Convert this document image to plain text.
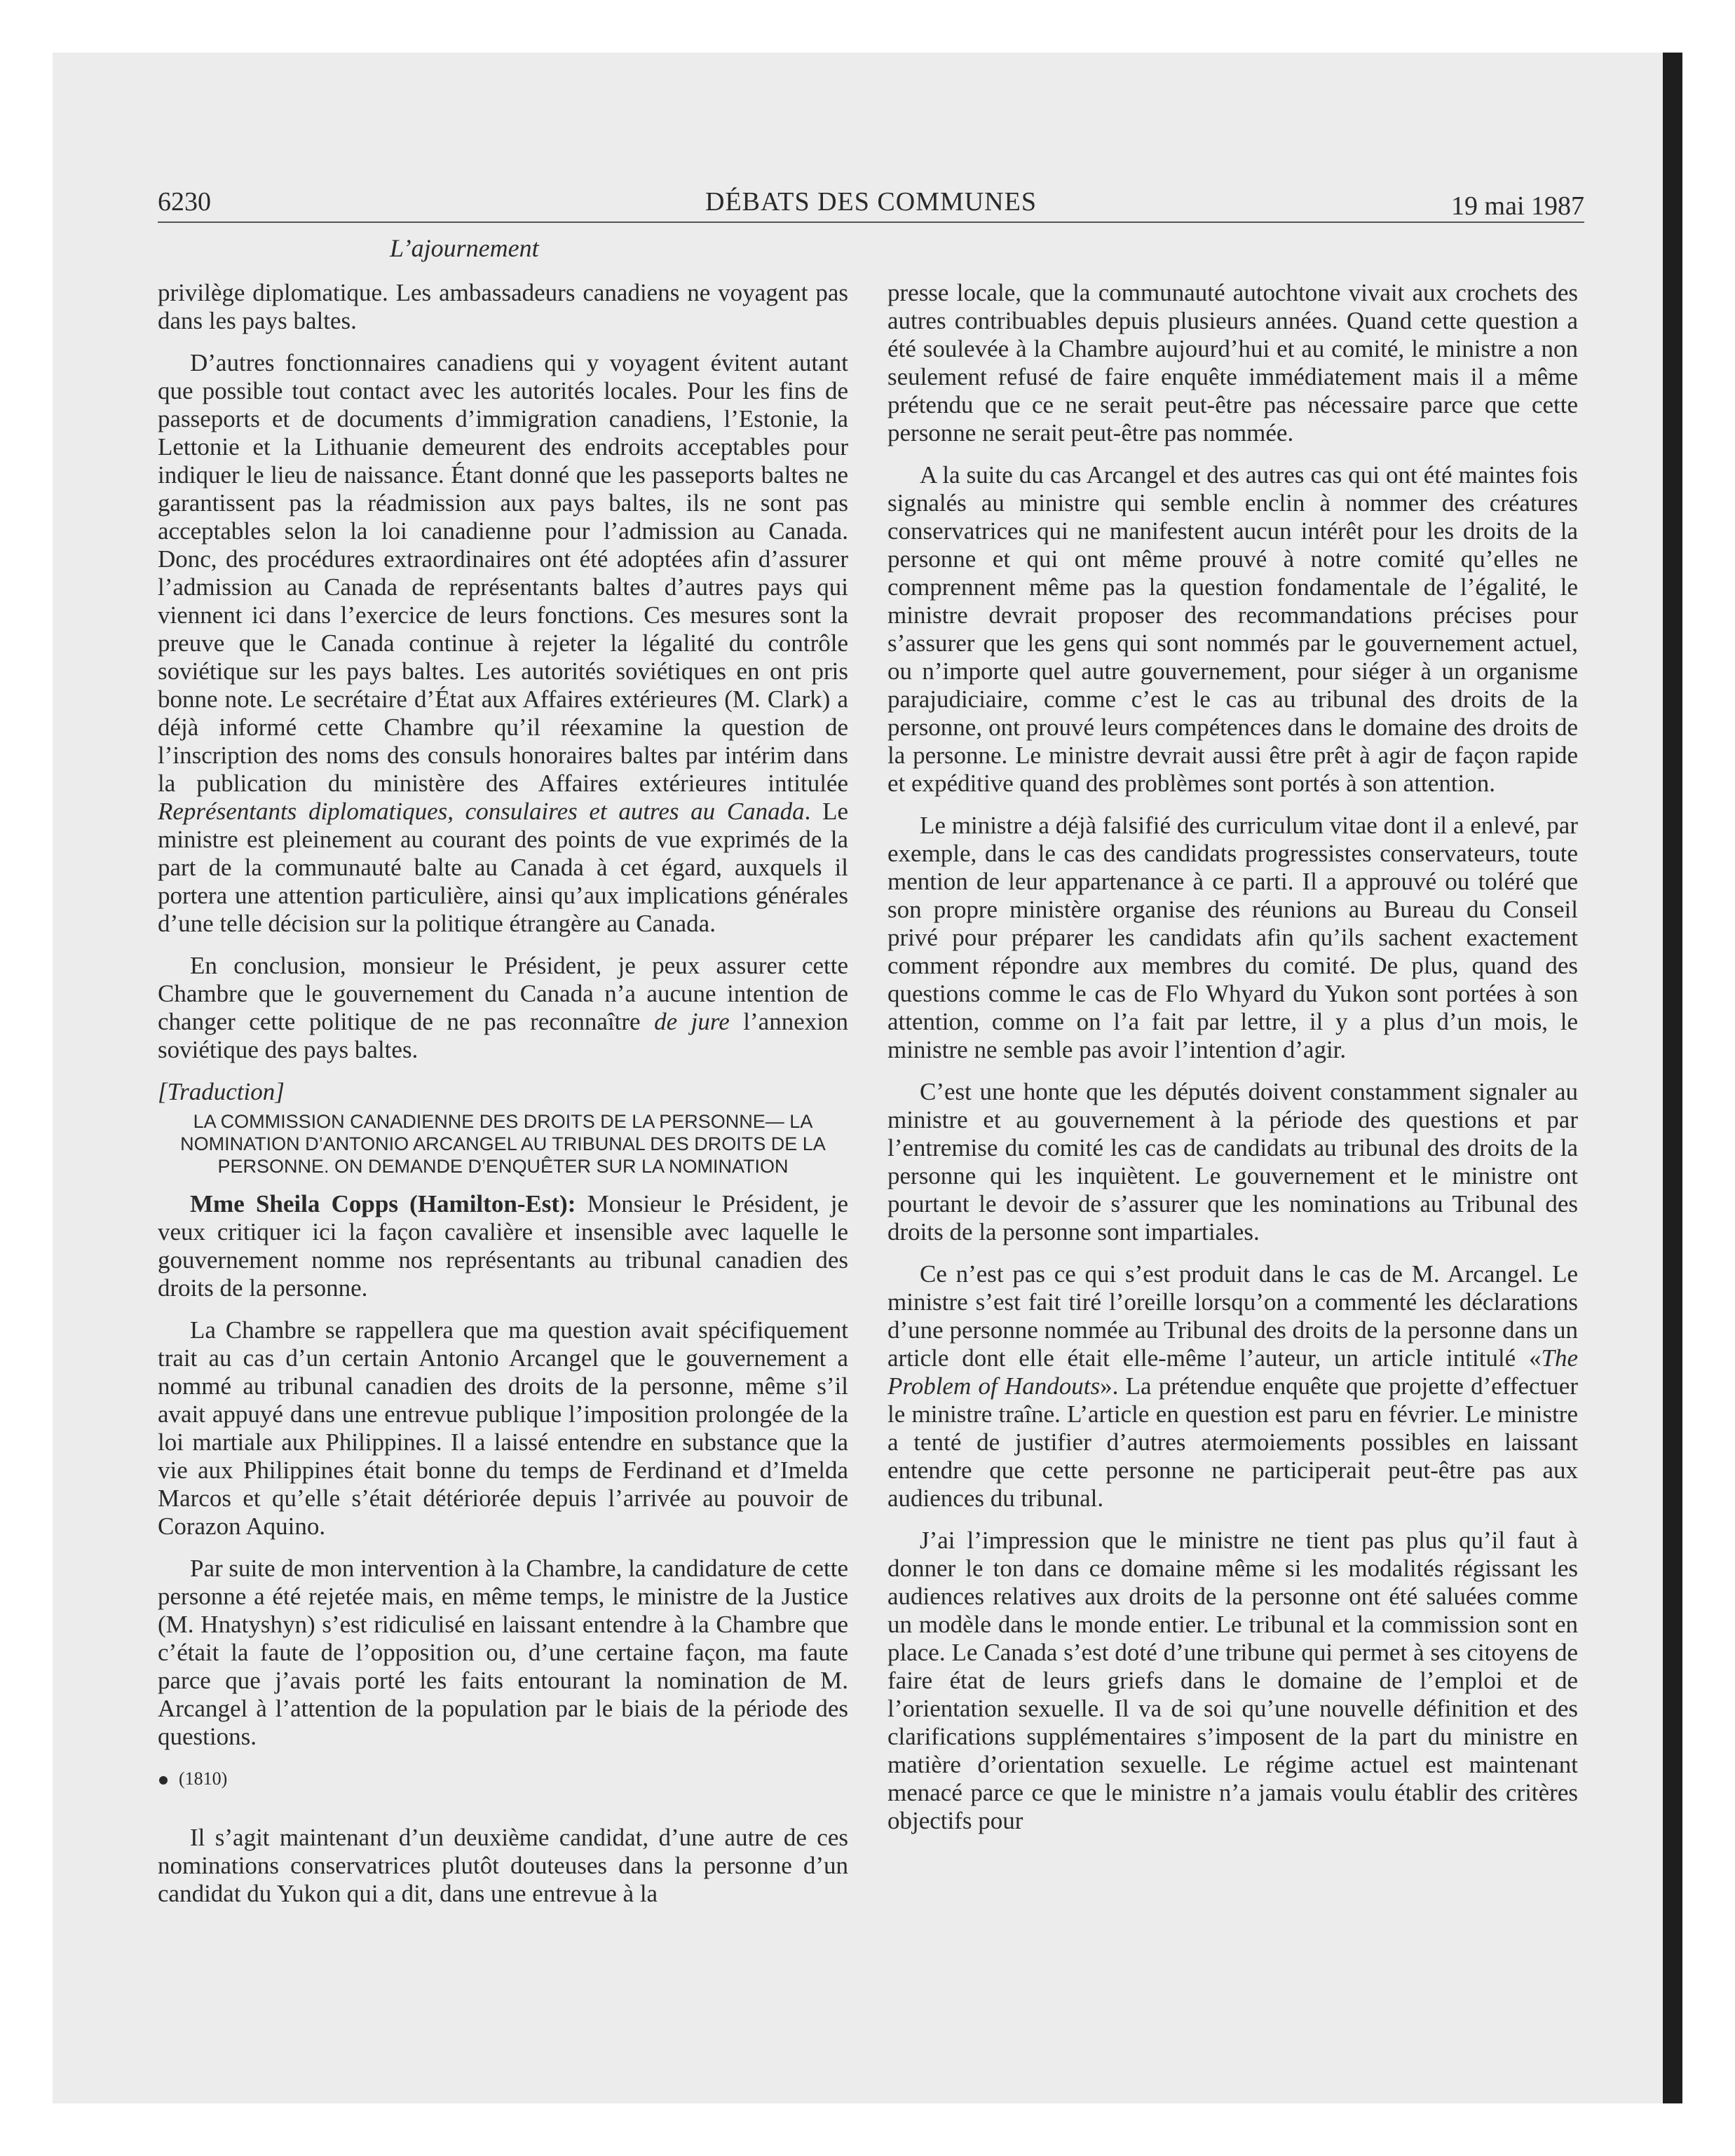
6230	DÉBATS DES COMMUNES	19 mai 1987
L’ajournement

privilège diplomatique. Les ambassadeurs canadiens ne voyagent pas dans les pays baltes.

D’autres fonctionnaires canadiens qui y voyagent évitent autant que possible tout contact avec les autorités locales. Pour les fins de passeports et de documents d’immigration canadiens, l’Estonie, la Lettonie et la Lithuanie demeurent des endroits acceptables pour indiquer le lieu de naissance. Étant donné que les passeports baltes ne garantissent pas la réadmission aux pays baltes, ils ne sont pas acceptables selon la loi canadienne pour l’admission au Canada. Donc, des procédures extraordinaires ont été adoptées afin d’assurer l’admission au Canada de représentants baltes d’autres pays qui viennent ici dans l’exercice de leurs fonctions. Ces mesures sont la preuve que le Canada continue à rejeter la légalité du contrôle soviétique sur les pays baltes. Les autorités soviétiques en ont pris bonne note. Le secrétaire d’État aux Affaires extérieures (M. Clark) a déjà informé cette Chambre qu’il réexamine la question de l’inscription des noms des consuls honoraires baltes par intérim dans la publication du ministère des Affaires extérieures intitulée Représentants diplomatiques, consulaires et autres au Canada. Le ministre est pleinement au courant des points de vue exprimés de la part de la communauté balte au Canada à cet égard, auxquels il portera une attention particulière, ainsi qu’aux implications générales d’une telle décision sur la politique étrangère au Canada.

En conclusion, monsieur le Président, je peux assurer cette Chambre que le gouvernement du Canada n’a aucune intention de changer cette politique de ne pas reconnaître de jure l’annexion soviétique des pays baltes.

[Traduction]

LA COMMISSION CANADIENNE DES DROITS DE LA PERSONNE— LA NOMINATION D’ANTONIO ARCANGEL AU TRIBUNAL DES DROITS DE LA PERSONNE. ON DEMANDE D’ENQUÊTER SUR LA NOMINATION

Mme Sheila Copps (Hamilton-Est): Monsieur le Président, je veux critiquer ici la façon cavalière et insensible avec laquelle le gouvernement nomme nos représentants au tribunal canadien des droits de la personne.

La Chambre se rappellera que ma question avait spécifiquement trait au cas d’un certain Antonio Arcangel que le gouvernement a nommé au tribunal canadien des droits de la personne, même s’il avait appuyé dans une entrevue publique l’imposition prolongée de la loi martiale aux Philippines. Il a laissé entendre en substance que la vie aux Philippines était bonne du temps de Ferdinand et d’Imelda Marcos et qu’elle s’était détériorée depuis l’arrivée au pouvoir de Corazon Aquino.

Par suite de mon intervention à la Chambre, la candidature de cette personne a été rejetée mais, en même temps, le ministre de la Justice (M. Hnatyshyn) s’est ridiculisé en laissant entendre à la Chambre que c’était la faute de l’opposition ou, d’une certaine façon, ma faute parce que j’avais porté les faits entourant la nomination de M. Arcangel à l’attention de la population par le biais de la période des questions.

(1810)

Il s’agit maintenant d’un deuxième candidat, d’une autre de ces nominations conservatrices plutôt douteuses dans la personne d’un candidat du Yukon qui a dit, dans une entrevue à la

presse locale, que la communauté autochtone vivait aux crochets des autres contribuables depuis plusieurs années. Quand cette question a été soulevée à la Chambre aujourd’hui et au comité, le ministre a non seulement refusé de faire enquête immédiatement mais il a même prétendu que ce ne serait peut-être pas nécessaire parce que cette personne ne serait peut-être pas nommée.

A la suite du cas Arcangel et des autres cas qui ont été maintes fois signalés au ministre qui semble enclin à nommer des créatures conservatrices qui ne manifestent aucun intérêt pour les droits de la personne et qui ont même prouvé à notre comité qu’elles ne comprennent même pas la question fondamentale de l’égalité, le ministre devrait proposer des recommandations précises pour s’assurer que les gens qui sont nommés par le gouvernement actuel, ou n’importe quel autre gouvernement, pour siéger à un organisme parajudiciaire, comme c’est le cas au tribunal des droits de la personne, ont prouvé leurs compétences dans le domaine des droits de la personne. Le ministre devrait aussi être prêt à agir de façon rapide et expéditive quand des problèmes sont portés à son attention.

Le ministre a déjà falsifié des curriculum vitae dont il a enlevé, par exemple, dans le cas des candidats progressistes conservateurs, toute mention de leur appartenance à ce parti. Il a approuvé ou toléré que son propre ministère organise des réunions au Bureau du Conseil privé pour préparer les candidats afin qu’ils sachent exactement comment répondre aux membres du comité. De plus, quand des questions comme le cas de Flo Whyard du Yukon sont portées à son attention, comme on l’a fait par lettre, il y a plus d’un mois, le ministre ne semble pas avoir l’intention d’agir.

C’est une honte que les députés doivent constamment signaler au ministre et au gouvernement à la période des questions et par l’entremise du comité les cas de candidats au tribunal des droits de la personne qui les inquiètent. Le gouvernement et le ministre ont pourtant le devoir de s’assurer que les nominations au Tribunal des droits de la personne sont impartiales.

Ce n’est pas ce qui s’est produit dans le cas de M. Arcangel. Le ministre s’est fait tiré l’oreille lorsqu’on a commenté les déclarations d’une personne nommée au Tribunal des droits de la personne dans un article dont elle était elle-même l’auteur, un article intitulé «The Problem of Handouts». La prétendue enquête que projette d’effectuer le ministre traîne. L’article en question est paru en février. Le ministre a tenté de justifier d’autres atermoiements possibles en laissant entendre que cette personne ne participerait peut-être pas aux audiences du tribunal.

J’ai l’impression que le ministre ne tient pas plus qu’il faut à donner le ton dans ce domaine même si les modalités régissant les audiences relatives aux droits de la personne ont été saluées comme un modèle dans le monde entier. Le tribunal et la commission sont en place. Le Canada s’est doté d’une tribune qui permet à ses citoyens de faire état de leurs griefs dans le domaine de l’emploi et de l’orientation sexuelle. Il va de soi qu’une nouvelle définition et des clarifications supplémentaires s’imposent de la part du ministre en matière d’orientation sexuelle. Le régime actuel est maintenant menacé parce ce que le ministre n’a jamais voulu établir des critères objectifs pour
